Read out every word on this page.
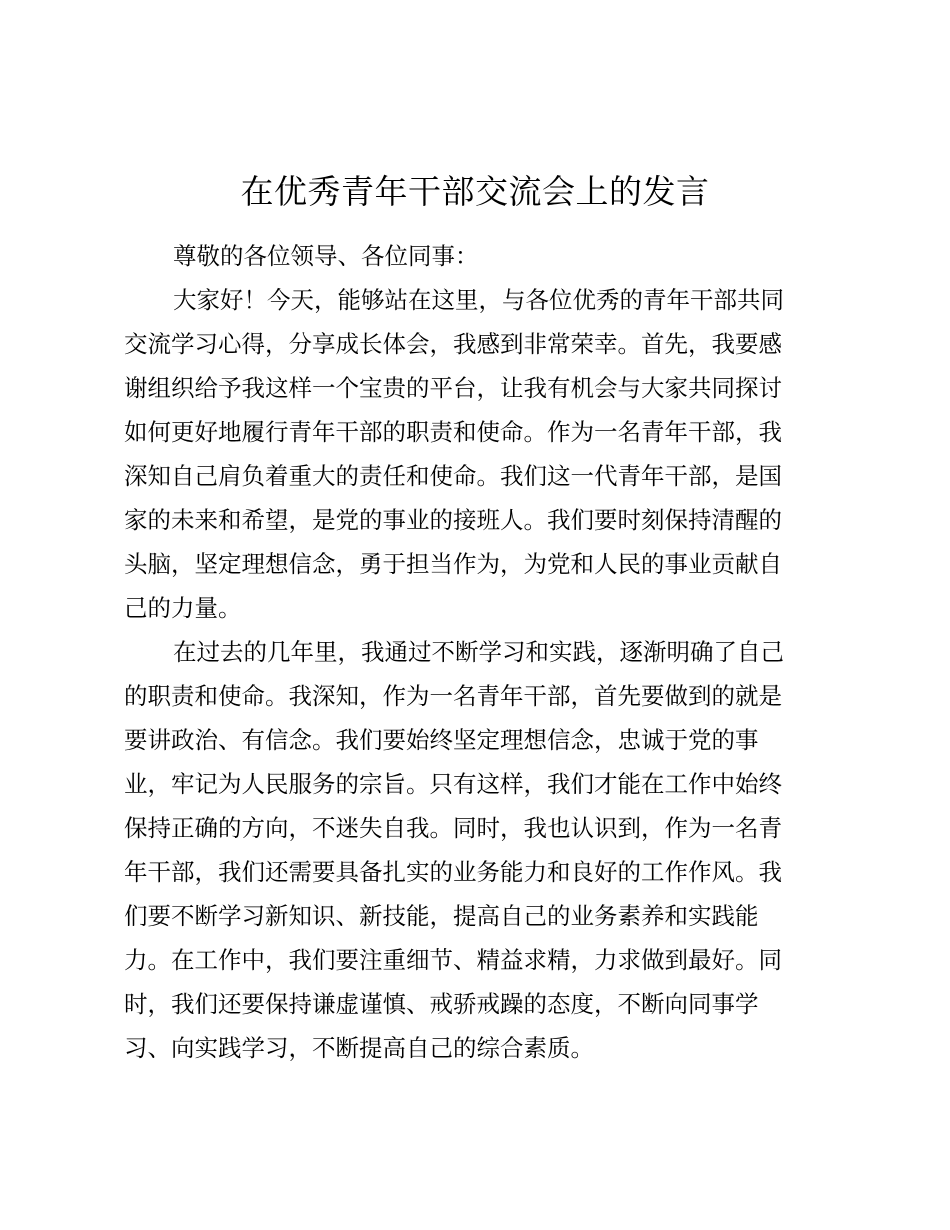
在优秀青年干部交流会上的发言
尊敬的各位领导、各位同事：
大家好！今天，能够站在这里，与各位优秀的青年干部共同
交流学习心得，分享成长体会，我感到非常荣幸。首先，我要感
谢组织给予我这样一个宝贵的平台，让我有机会与大家共同探讨
如何更好地履行青年干部的职责和使命。作为一名青年干部，我
深知自己肩负着重大的责任和使命。我们这一代青年干部，是国
家的未来和希望，是党的事业的接班人。我们要时刻保持清醒的
头脑，坚定理想信念，勇于担当作为，为党和人民的事业贡献自
己的力量。
在过去的几年里，我通过不断学习和实践，逐渐明确了自己
的职责和使命。我深知，作为一名青年干部，首先要做到的就是
要讲政治、有信念。我们要始终坚定理想信念，忠诚于党的事
业，牢记为人民服务的宗旨。只有这样，我们才能在工作中始终
保持正确的方向，不迷失自我。同时，我也认识到，作为一名青
年干部，我们还需要具备扎实的业务能力和良好的工作作风。我
们要不断学习新知识、新技能，提高自己的业务素养和实践能
力。在工作中，我们要注重细节、精益求精，力求做到最好。同
时，我们还要保持谦虚谨慎、戒骄戒躁的态度，不断向同事学
习、向实践学习，不断提高自己的综合素质。
